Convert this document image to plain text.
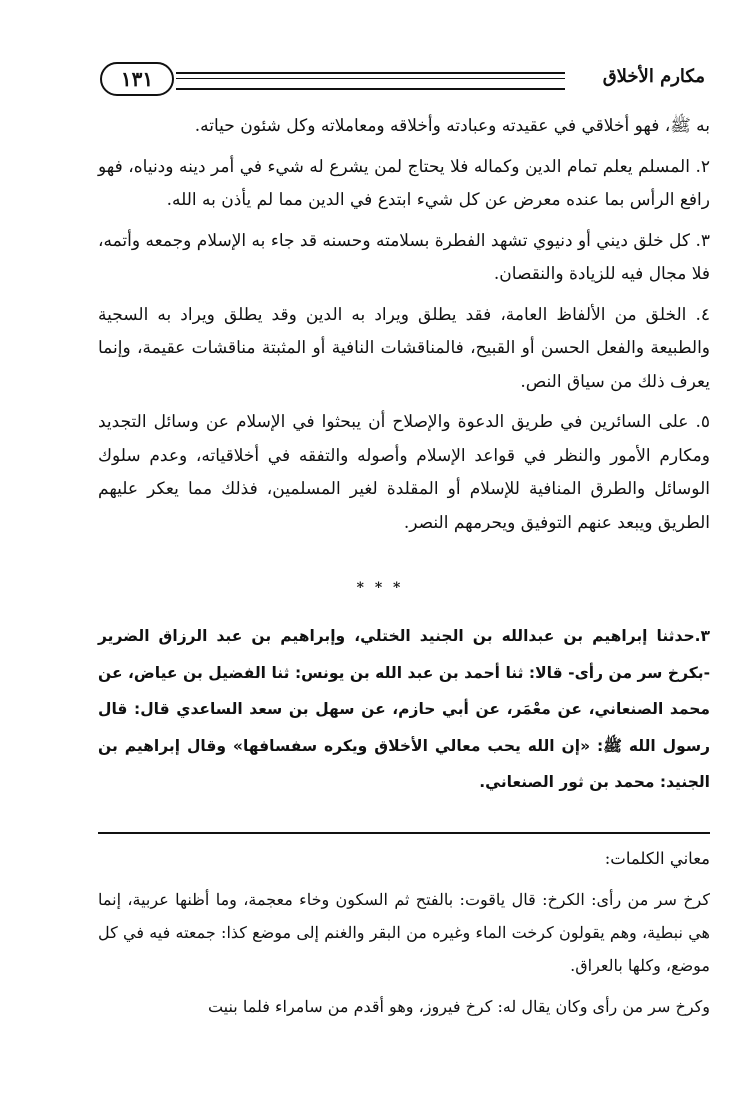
مكارم الأخلاق
١٣١

به ﷺ، فهو أخلاقي في عقيدته وعبادته وأخلاقه ومعاملاته وكل شئون حياته.

٢. المسلم يعلم تمام الدين وكماله فلا يحتاج لمن يشرع له شيء في أمر دينه ودنياه، فهو رافع الرأس بما عنده معرض عن كل شيء ابتدع في الدين مما لم يأذن به الله.

٣. كل خلق ديني أو دنيوي تشهد الفطرة بسلامته وحسنه قد جاء به الإسلام وجمعه وأتمه، فلا مجال فيه للزيادة والنقصان.

٤. الخلق من الألفاظ العامة، فقد يطلق ويراد به الدين وقد يطلق ويراد به السجية والطبيعة والفعل الحسن أو القبيح، فالمناقشات النافية أو المثبتة مناقشات عقيمة، وإنما يعرف ذلك من سياق النص.

٥. على السائرين في طريق الدعوة والإصلاح أن يبحثوا في الإسلام عن وسائل التجديد ومكارم الأمور والنظر في قواعد الإسلام وأصوله والتفقه في أخلاقياته، وعدم سلوك الوسائل والطرق المنافية للإسلام أو المقلدة لغير المسلمين، فذلك مما يعكر عليهم الطريق ويبعد عنهم التوفيق ويحرمهم النصر.

* * *

٣.حدثنا إبراهيم بن عبدالله بن الجنيد الختلي، وإبراهيم بن عبد الرزاق الضرير -بكرخ سر من رأى- قالا: ثنا أحمد بن عبد الله بن يونس: ثنا الفضيل بن عياض، عن محمد الصنعاني، عن معْمَر، عن أبي حازم، عن سهل بن سعد الساعدي قال: قال رسول الله ﷺ: «إن الله يحب معالي الأخلاق ويكره سفسافها» وقال إبراهيم بن الجنيد: محمد بن ثور الصنعاني.

معاني الكلمات:

كرخ سر من رأى: الكرخ: قال ياقوت: بالفتح ثم السكون وخاء معجمة، وما أظنها عربية، إنما هي نبطية، وهم يقولون كرخت الماء وغيره من البقر والغنم إلى موضع كذا: جمعته فيه في كل موضع، وكلها بالعراق.

وكرخ سر من رأى وكان يقال له: كرخ فيروز، وهو أقدم من سامراء فلما بنيت
